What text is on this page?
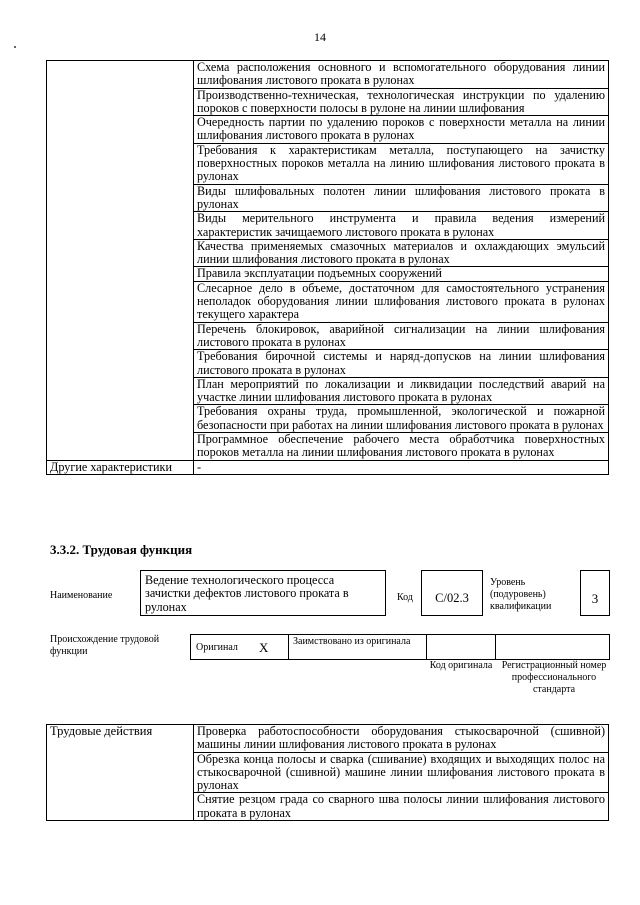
14
	Схема расположения основного и вспомогательного оборудования линии шлифования листового проката в рулонах
	Производственно-техническая, технологическая инструкции по удалению пороков с поверхности полосы в рулоне на линии шлифования
	Очередность партии по удалению пороков с поверхности металла на линии шлифования листового проката в рулонах
	Требования к характеристикам металла, поступающего на зачистку поверхностных пороков металла на линию шлифования листового проката в рулонах
	Виды шлифовальных полотен линии шлифования листового проката в рулонах
	Виды мерительного инструмента и правила ведения измерений характеристик зачищаемого листового проката в рулонах
	Качества применяемых смазочных материалов и охлаждающих эмульсий линии шлифования листового проката в рулонах
	Правила эксплуатации подъемных сооружений
	Слесарное дело в объеме, достаточном для самостоятельного устранения неполадок оборудования линии шлифования листового проката в рулонах текущего характера
	Перечень блокировок, аварийной сигнализации на линии шлифования листового проката в рулонах
	Требования бирочной системы и наряд-допусков на линии шлифования листового проката в рулонах
	План мероприятий по локализации и ликвидации последствий аварий на участке линии шлифования листового проката в рулонах
	Требования охраны труда, промышленной, экологической и пожарной безопасности при работах на линии шлифования листового проката в рулонах
	Программное обеспечение рабочего места обработчика поверхностных пороков металла на линии шлифования листового проката в рулонах
Другие характеристики	-
3.3.2. Трудовая функция
Наименование
Ведение технологического процесса зачистки дефектов листового проката в рулонах
Код	C/02.3
Уровень (подуровень) квалификации
3
Происхождение трудовой функции	Оригинал X Заимствовано из оригинала
Код оригинала Регистрационный номер профессионального стандарта
Трудовые действия	Проверка работоспособности оборудования стыкосварочной (сшивной) машины линии шлифования листового проката в рулонах
Обрезка конца полосы и сварка (сшивание) входящих и выходящих полос на стыкосварочной (сшивной) машине линии шлифования листового проката в рулонах
Снятие резцом града со сварного шва полосы линии шлифования листового проката в рулонах
